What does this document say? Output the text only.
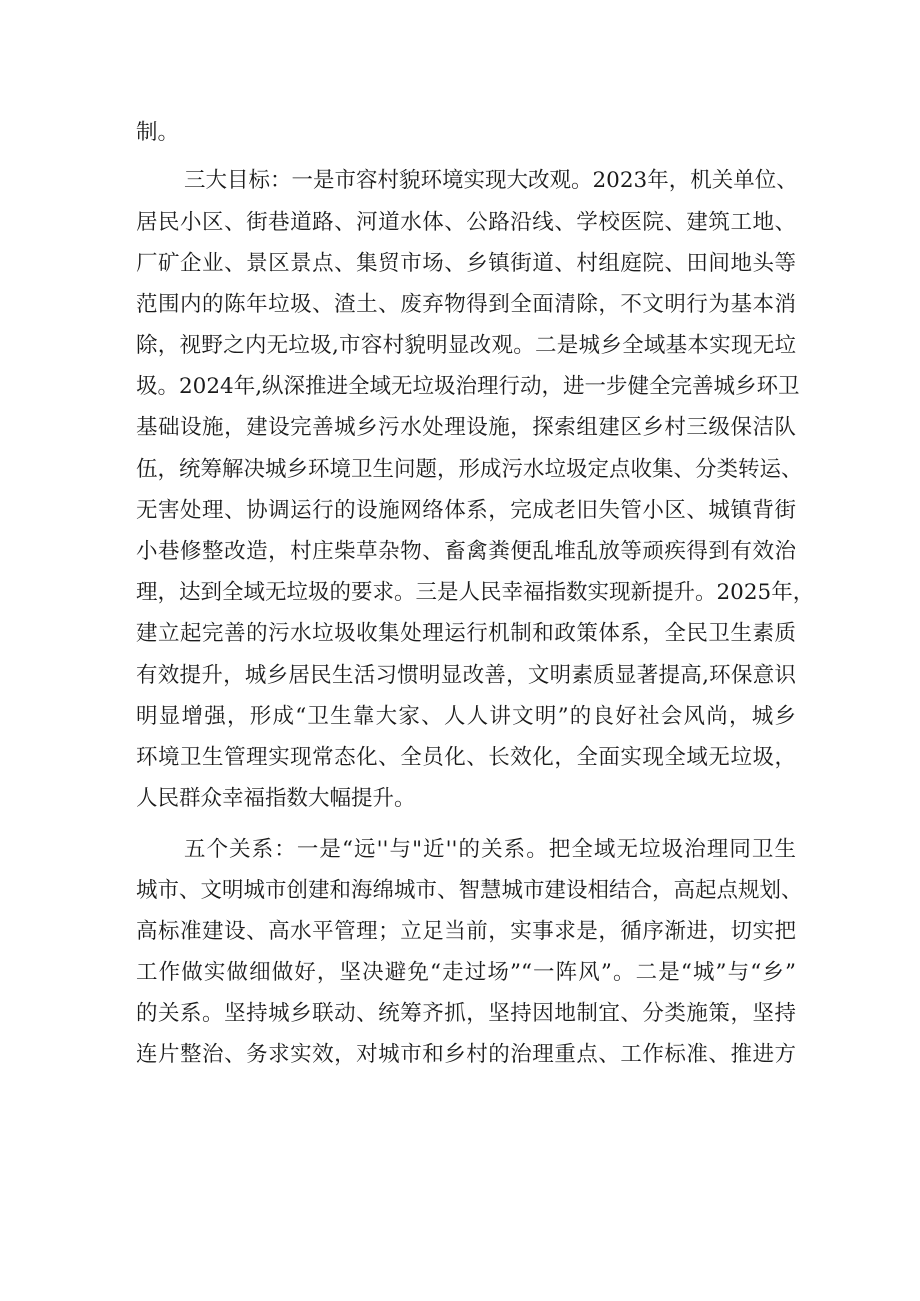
制。

三大目标：一是市容村貌环境实现大改观。2023年，机关单位、

居民小区、街巷道路、河道水体、公路沿线、学校医院、建筑工地、

厂矿企业、景区景点、集贸市场、乡镇街道、村组庭院、田间地头等

范围内的陈年垃圾、渣土、废弃物得到全面清除，不文明行为基本消

除，视野之内无垃圾,市容村貌明显改观。二是城乡全域基本实现无垃

圾。2024年,纵深推进全域无垃圾治理行动，进一步健全完善城乡环卫

基础设施，建设完善城乡污水处理设施，探索组建区乡村三级保洁队

伍，统筹解决城乡环境卫生问题，形成污水垃圾定点收集、分类转运、

无害处理、协调运行的设施网络体系，完成老旧失管小区、城镇背街

小巷修整改造，村庄柴草杂物、畜禽粪便乱堆乱放等顽疾得到有效治

理，达到全域无垃圾的要求。三是人民幸福指数实现新提升。2025年，

建立起完善的污水垃圾收集处理运行机制和政策体系，全民卫生素质

有效提升，城乡居民生活习惯明显改善，文明素质显著提高,环保意识

明显增强，形成“卫生靠大家、人人讲文明”的良好社会风尚，城乡

环境卫生管理实现常态化、全员化、长效化，全面实现全域无垃圾，

人民群众幸福指数大幅提升。

五个关系：一是“远''与"近''的关系。把全域无垃圾治理同卫生

城市、文明城市创建和海绵城市、智慧城市建设相结合，高起点规划、

高标准建设、高水平管理；立足当前，实事求是，循序渐进，切实把

工作做实做细做好，坚决避免“走过场”“一阵风”。二是“城”与“乡”

的关系。坚持城乡联动、统筹齐抓，坚持因地制宜、分类施策，坚持

连片整治、务求实效，对城市和乡村的治理重点、工作标准、推进方
